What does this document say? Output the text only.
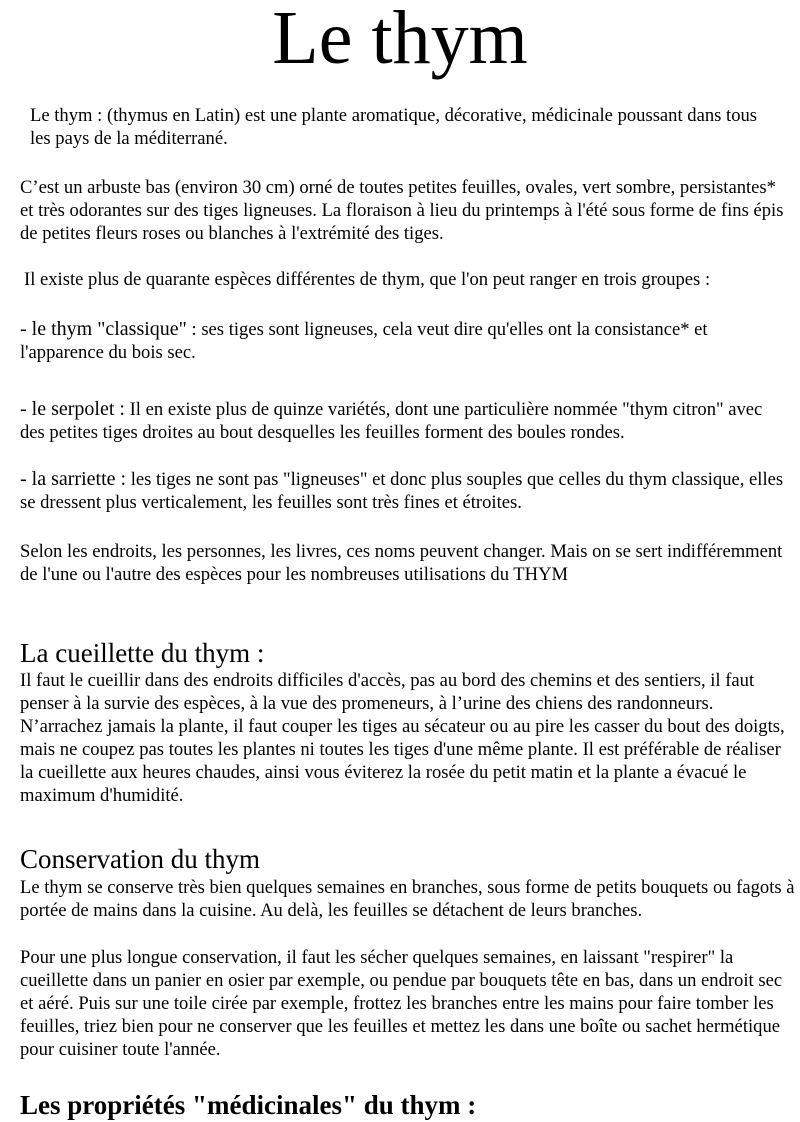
Le thym

Le thym : (thymus en Latin) est une plante aromatique, décorative, médicinale poussant dans tous les pays de la méditerrané.

C’est un arbuste bas (environ 30 cm) orné de toutes petites feuilles, ovales, vert sombre, persistantes* et très odorantes sur des tiges ligneuses. La floraison à lieu du printemps à l'été sous forme de fins épis de petites fleurs roses ou blanches à l'extrémité des tiges.

Il existe plus de quarante espèces différentes de thym, que l'on peut ranger en trois groupes :

- le thym "classique" : ses tiges sont ligneuses, cela veut dire qu'elles ont la consistance* et l'apparence du bois sec.

- le serpolet : Il en existe plus de quinze variétés, dont une particulière nommée "thym citron" avec des petites tiges droites au bout desquelles les feuilles forment des boules rondes.

- la sarriette : les tiges ne sont pas "ligneuses" et donc plus souples que celles du thym classique, elles se dressent plus verticalement, les feuilles sont très fines et étroites.

Selon les endroits, les personnes, les livres, ces noms peuvent changer. Mais on se sert indifféremment de l'une ou l'autre des espèces pour les nombreuses utilisations du THYM

La cueillette du thym :

Il faut le cueillir dans des endroits difficiles d'accès, pas au bord des chemins et des sentiers, il faut penser à la survie des espèces, à la vue des promeneurs, à l’urine des chiens des randonneurs. N’arrachez jamais la plante, il faut couper les tiges au sécateur ou au pire les casser du bout des doigts, mais ne coupez pas toutes les plantes ni toutes les tiges d'une même plante. Il est préférable de réaliser la cueillette aux heures chaudes, ainsi vous éviterez la rosée du petit matin et la plante a évacué le maximum d'humidité.

Conservation du thym

Le thym se conserve très bien quelques semaines en branches, sous forme de petits bouquets ou fagots à portée de mains dans la cuisine. Au delà, les feuilles se détachent de leurs branches.

Pour une plus longue conservation, il faut les sécher quelques semaines, en laissant "respirer" la cueillette dans un panier en osier par exemple, ou pendue par bouquets tête en bas, dans un endroit sec et aéré. Puis sur une toile cirée par exemple, frottez les branches entre les mains pour faire tomber les feuilles, triez bien pour ne conserver que les feuilles et mettez les dans une boîte ou sachet hermétique pour cuisiner toute l'année.

Les propriétés "médicinales" du thym :
